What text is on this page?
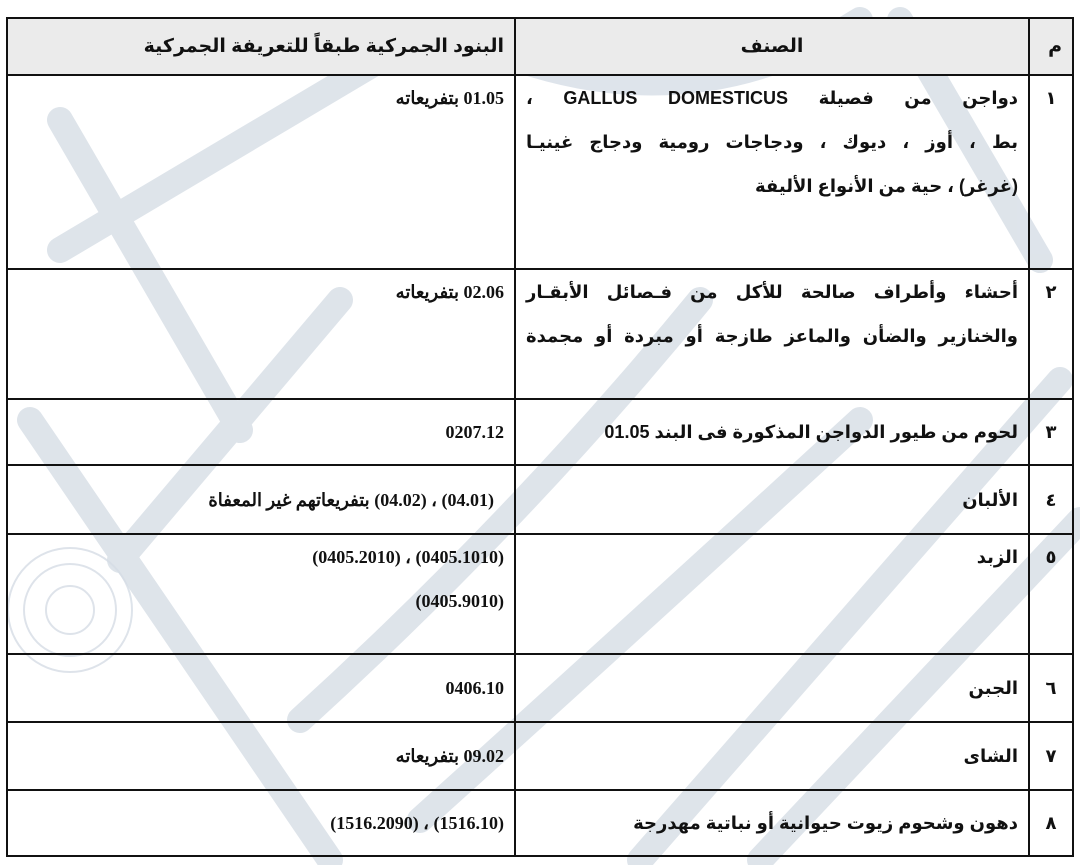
م	الصنف	البنود الجمركية طبقاً للتعريفة الجمركية
١	دواجن من فصيلة GALLUS DOMESTICUS ،
بط ، أوز ، ديوك ، ودجاجات رومية ودجاج غينيـا
(غرغر) ، حية من الأنواع الأليفة	01.05 بتفريعاته

٢	أحشاء وأطراف صالحة للأكل من فـصائل الأبقـار
والخنازير والضأن والماعز طازجة أو مبردة أو مجمدة	02.06 بتفريعاته

٣	لحوم من طيور الدواجن المذكورة فى البند 01.05	0207.12

٤	الألبان	(04.01) ، (04.02) بتفريعاتهم غير المعفاة

٥	الزبد	(0405.1010) ، (0405.2010)
(0405.9010)

٦	الجبن	0406.10

٧	الشاى	09.02 بتفريعاته

٨	دهون وشحوم زيوت حيوانية أو نباتية مهدرجة	(1516.10) ، (1516.2090)
